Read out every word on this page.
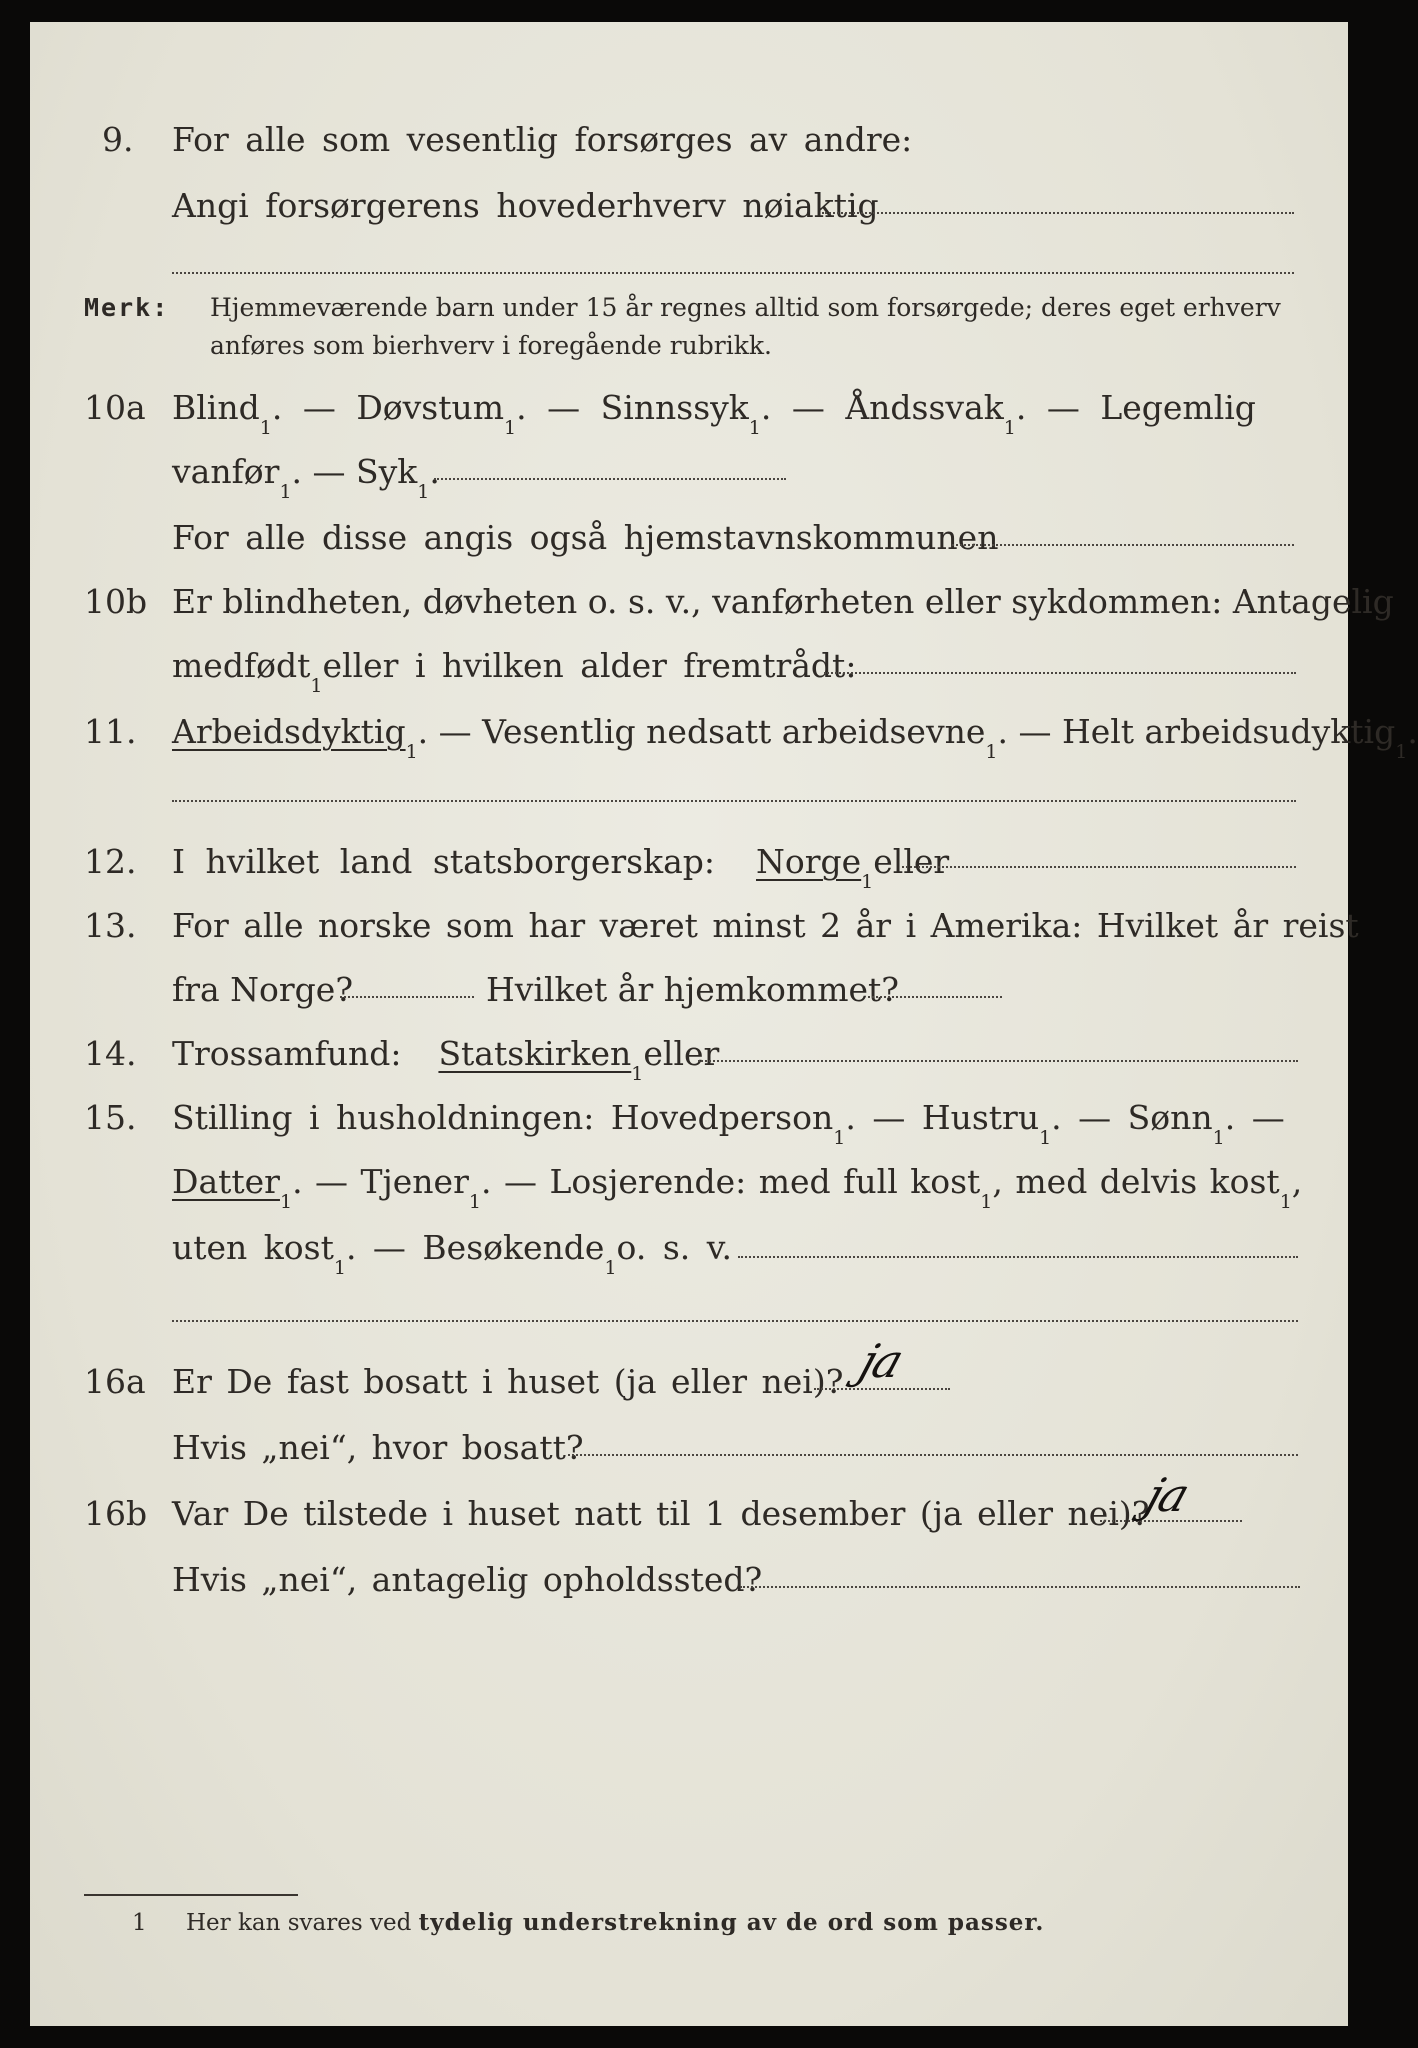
9.	For alle som vesentlig forsørges av andre:
Angi forsørgerens hovederhverv nøiaktig
Merk: Hjemmeværende barn under 15 år regnes alltid som forsørgede; deres eget erhverv
anføres som bierhverv i foregående rubrikk.
10a Blind . — Døvstum . — Sinnssyk . — Åndssvak . — Legemlig
vanfør . — Syk .
For alle disse angis også hjemstavnskommunen
10b Er blindheten, døvheten o. s. v., vanførheten eller sykdommen: Antagelig
medfødt eller i hvilken alder fremtrådt:
11.	Arbeidsdyktig . — Vesentlig nedsatt arbeidsevne . — Helt arbeidsudyktig
1
.
12.	I hvilket land statsborgerskap:
Norge eller
13.	For alle norske som har været minst 2 år i Amerika: Hvilket år reist
fra Norge?	Hvilket år hjemkommet?
14.	Trossamfund:
Statskirken eller
15.	Stilling i husholdningen: Hovedperson . — Hustru . — Sønn . —
Datter . — Tjener . — Losjerende: med full kost , med delvis kost ,
uten kost . — Besøkende o. s. v.
16a Er De fast bosatt i huset (ja eller nei)? ja
Hvis „nei“, hvor bosatt?
16b Var De tilstede i huset natt til 1 desember (ja eller nei)?
ja
Hvis „nei“, antagelig opholdssted?
1 Her kan svares ved tydelig understrekning av de ord som passer.
